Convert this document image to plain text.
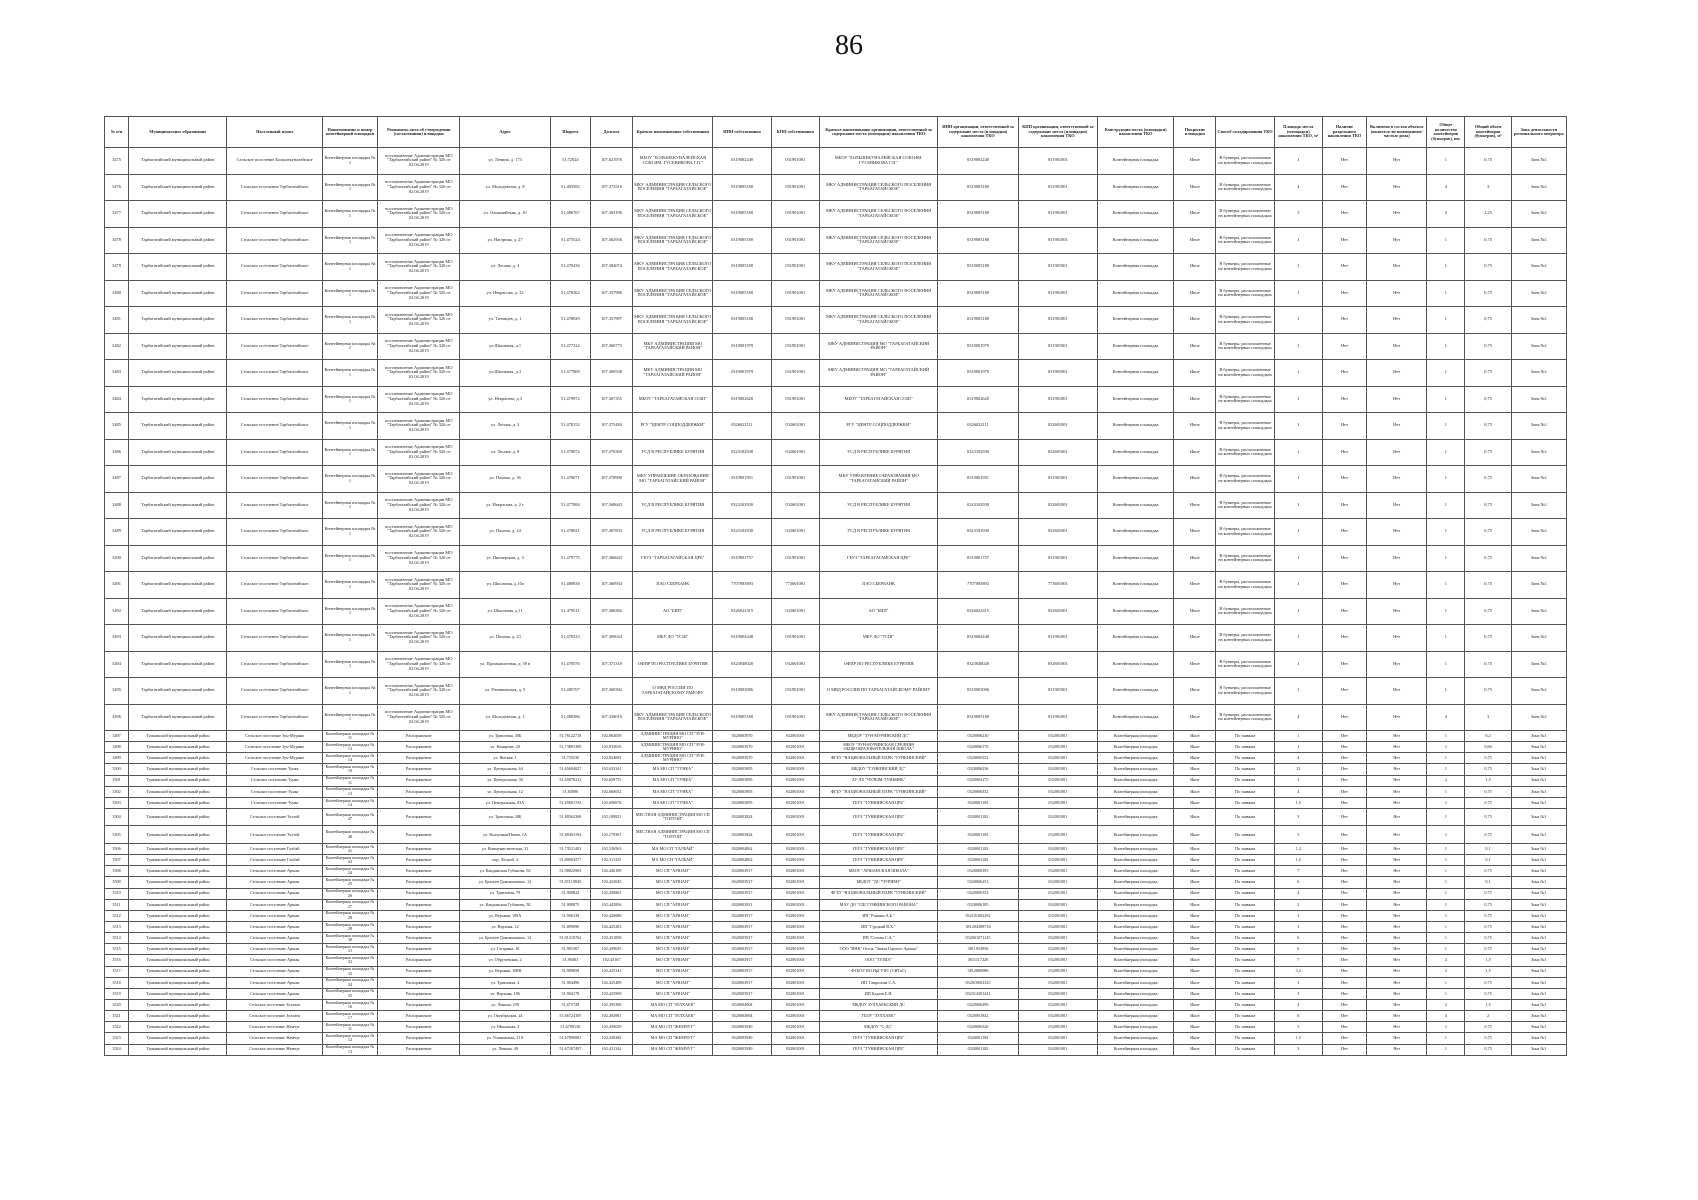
86
№ п/п	Муниципальное образование	Населенный пункт	Наименование и номер контейнерной площадки	Реквизиты акта об утверждении (согласовании) площадки	Адрес	Широта	Долгота	Краткое наименование собственника	ИНН собственника	КПП собственника	Краткое наименование организации, ответственной за содержание места (площадки) накопления ТКО	ИНН организации, ответственной за содержание места (площадки) накопления ТКО	КПП организации, ответственной за содержание места (площадки) накопления ТКО	Конструкция места (площадки) накопления ТКО	Покрытие площадки	Способ складирования ТКО	Площадь места (площадки) накопления ТКО, м²	Наличие раздельного накопления ТКО	Включено в состав объекта (является ли помещением/частью дома)	Общее количество контейнеров (бункеров), шт.	Общий объем контейнеров (бункеров), м³	Зона деятельности регионального оператора
3475	Тарбагатайский муниципальный район	Сельское поселение Большекуналейское	Контейнерная площадка № 1	постановление Администрации МО "Тарбагатайский район" № 326 от 02.04.2019	ул. Ленина, д. 173	51,72024	107,621976	МБОУ "БОЛЬШЕКУНАЛЕЙСКАЯ СОШ ИМ. ГУСЕВИКОВА Г.П."	0319002240	031901001	МБОУ "БОЛЬШЕКУНАЛЕЙСКАЯ СОШ ИМ. ГУСЕВИКОВА Г.П."	0319002240	031901001	Контейнерная площадка	Иное	В бункеры, расположенные на контейнерных площадках	1	Нет	Нет	1	0,75	Зона №1
3476	Тарбагатайский муниципальный район	Сельское поселение Тарбагатайское	Контейнерная площадка № 1	постановление Администрации МО "Тарбагатайский район" № 326 от 02.04.2019	ул. Молодёжная, д. 8	51,483582	107,373516	МКУ АДМИНИСТРАЦИЯ СЕЛЬСКОГО ПОСЕЛЕНИЯ "ТАРБАГАТАЙСКОЕ"	0319005180	031901001	МКУ АДМИНИСТРАЦИЯ СЕЛЬСКОГО ПОСЕЛЕНИЯ "ТАРБАГАТАЙСКОЕ"	0319005180	031901001	Контейнерная площадка	Иное	В бункеры, расположенные на контейнерных площадках	4	Нет	Нет	4	3	Зона №1
3477	Тарбагатайский муниципальный район	Сельское поселение Тарбагатайское	Контейнерная площадка № 1	постановление Администрации МО "Тарбагатайский район" № 326 от 02.04.2019	ул. Олимпийская, д. 10	51,486767	107,363196	МКУ АДМИНИСТРАЦИЯ СЕЛЬСКОГО ПОСЕЛЕНИЯ "ТАРБАГАТАЙСКОЕ"	0319005180	031901001	МКУ АДМИНИСТРАЦИЯ СЕЛЬСКОГО ПОСЕЛЕНИЯ "ТАРБАГАТАЙСКОЕ"	0319005180	031901001	Контейнерная площадка	Иное	В бункеры, расположенные на контейнерных площадках	3	Нет	Нет	3	2,25	Зона №1
3478	Тарбагатайский муниципальный район	Сельское поселение Тарбагатайское	Контейнерная площадка № 1	постановление Администрации МО "Тарбагатайский район" № 326 от 02.04.2019	ул. Нагорная, д. 27	51,475524	107,362936	МКУ АДМИНИСТРАЦИЯ СЕЛЬСКОГО ПОСЕЛЕНИЯ "ТАРБАГАТАЙСКОЕ"	0319005180	031901001	МКУ АДМИНИСТРАЦИЯ СЕЛЬСКОГО ПОСЕЛЕНИЯ "ТАРБАГАТАЙСКОЕ"	0319005180	031901001	Контейнерная площадка	Иное	В бункеры, расположенные на контейнерных площадках	1	Нет	Нет	1	0,75	Зона №1
3479	Тарбагатайский муниципальный район	Сельское поселение Тарбагатайское	Контейнерная площадка № 1	постановление Администрации МО "Тарбагатайский район" № 326 от 02.04.2019	ул. Лесная, д. 4	51,478436	107,384074	МКУ АДМИНИСТРАЦИЯ СЕЛЬСКОГО ПОСЕЛЕНИЯ "ТАРБАГАТАЙСКОЕ"	0319005180	031901001	МКУ АДМИНИСТРАЦИЯ СЕЛЬСКОГО ПОСЕЛЕНИЯ "ТАРБАГАТАЙСКОЕ"	0319005180	031901001	Контейнерная площадка	Иное	В бункеры, расположенные на контейнерных площадках	1	Нет	Нет	1	0,75	Зона №1
3480	Тарбагатайский муниципальный район	Сельское поселение Тарбагатайское	Контейнерная площадка № 1	постановление Администрации МО "Тарбагатайский район" № 326 от 02.04.2019	ул. Некрасова, д. 32	51,478362	107,357986	МКУ АДМИНИСТРАЦИЯ СЕЛЬСКОГО ПОСЕЛЕНИЯ "ТАРБАГАТАЙСКОЕ"	0319005180	031901001	МКУ АДМИНИСТРАЦИЯ СЕЛЬСКОГО ПОСЕЛЕНИЯ "ТАРБАГАТАЙСКОЕ"	0319005180	031901001	Контейнерная площадка	Иное	В бункеры, расположенные на контейнерных площадках	1	Нет	Нет	1	0,75	Зона №1
3481	Тарбагатайский муниципальный район	Сельское поселение Тарбагатайское	Контейнерная площадка № 1	постановление Администрации МО "Тарбагатайский район" № 326 от 02.04.2019	ул. Титовцев, д. 1	51,478029	107,357997	МКУ АДМИНИСТРАЦИЯ СЕЛЬСКОГО ПОСЕЛЕНИЯ "ТАРБАГАТАЙСКОЕ"	0319005180	031901001	МКУ АДМИНИСТРАЦИЯ СЕЛЬСКОГО ПОСЕЛЕНИЯ "ТАРБАГАТАЙСКОЕ"	0319005180	031901001	Контейнерная площадка	Иное	В бункеры, расположенные на контейнерных площадках	1	Нет	Нет	1	0,75	Зона №1
3482	Тарбагатайский муниципальный район	Сельское поселение Тарбагатайское	Контейнерная площадка № 1	постановление Администрации МО "Тарбагатайский район" № 326 от 02.04.2019	ул.Школьная, д.1	51,477324	107,360775	МКУ АДМИНИСТРАЦИЯ МО "ТАРБАГАТАЙСКИЙ РАЙОН"	0319001979	031901001	МКУ АДМИНИСТРАЦИЯ МО "ТАРБАГАТАЙСКИЙ РАЙОН"	0319001979	031901001	Контейнерная площадка	Иное	В бункеры, расположенные на контейнерных площадках	1	Нет	Нет	1	0,75	Зона №1
3483	Тарбагатайский муниципальный район	Сельское поселение Тарбагатайское	Контейнерная площадка № 1	постановление Администрации МО "Тарбагатайский район" № 326 от 02.04.2019	ул.Школьная, д.3	51,477808	107,360538	МКУ АДМИНИСТРАЦИЯ МО "ТАРБАГАТАЙСКИЙ РАЙОН"	0319001979	031901001	МКУ АДМИНИСТРАЦИЯ МО "ТАРБАГАТАЙСКИЙ РАЙОН"	0319001979	031901001	Контейнерная площадка	Иное	В бункеры, расположенные на контейнерных площадках	1	Нет	Нет	1	0,75	Зона №1
3484	Тарбагатайский муниципальный район	Сельское поселение Тарбагатайское	Контейнерная площадка № 1	постановление Администрации МО "Тарбагатайский район" № 326 от 02.04.2019	ул. Некрасова, д.3	51,479972	107,367355	МБОУ "ТАРБАГАТАЙСКАЯ СОШ"	0319002620	031901001	МБОУ "ТАРБАГАТАЙСКАЯ СОШ"	0319002620	031901001	Контейнерная площадка	Иное	В бункеры, расположенные на контейнерных площадках	1	Нет	Нет	1	0,75	Зона №1
3485	Тарбагатайский муниципальный район	Сельское поселение Тарбагатайское	Контейнерная площадка № 1	постановление Администрации МО "Тарбагатайский район" № 326 от 02.04.2019	ул. Лесная, д. 2	51,478152	107,375484	РГУ "ЦЕНТР СОЦПОДДЕРЖКИ"	0326022111	032601001	РГУ "ЦЕНТР СОЦПОДДЕРЖКИ"	0326022111	032601001	Контейнерная площадка	Иное	В бункеры, расположенные на контейнерных площадках	1	Нет	Нет	1	0,75	Зона №1
3486	Тарбагатайский муниципальный район	Сельское поселение Тарбагатайское	Контейнерная площадка № 1	постановление Администрации МО "Тарбагатайский район" № 326 от 02.04.2019	ул. Лесная, д. 8	51,478072	107,376369	УСД В РЕСПУБЛИКЕ БУРЯТИЯ	0323102930	032601001	УСД В РЕСПУБЛИКЕ БУРЯТИЯ	0323102930	032601001	Контейнерная площадка	Иное	В бункеры, расположенные на контейнерных площадках	1	Нет	Нет	1	0,75	Зона №1
3487	Тарбагатайский муниципальный район	Сельское поселение Тарбагатайское	Контейнерная площадка № 1	постановление Администрации МО "Тарбагатайский район" № 326 от 02.04.2019	ул. Пахома, д. 36	51,478071	107,370990	МКУ УПРАВЛЕНИЕ ОБРАЗОВАНИЯ МО "ТАРБАГАТАЙСКИЙ РАЙОН"	0319001951	031901001	МКУ УПРАВЛЕНИЕ ОБРАЗОВАНИЯ МО "ТАРБАГАТАЙСКИЙ РАЙОН"	0319001951	031901001	Контейнерная площадка	Иное	В бункеры, расположенные на контейнерных площадках	1	Нет	Нет	1	0,75	Зона №1
3488	Тарбагатайский муниципальный район	Сельское поселение Тарбагатайское	Контейнерная площадка № 1	постановление Администрации МО "Тарбагатайский район" № 326 от 02.04.2019	ул. Некрасова, д. 2 г	51,477884	107,368643	УСД В РЕСПУБЛИКЕ БУРЯТИЯ	0323102930	032601001	УСД В РЕСПУБЛИКЕ БУРЯТИЯ	0323102930	032601001	Контейнерная площадка	Иное	В бункеры, расположенные на контейнерных площадках	1	Нет	Нет	1	0,75	Зона №1
3489	Тарбагатайский муниципальный район	Сельское поселение Тарбагатайское	Контейнерная площадка № 1	постановление Администрации МО "Тарбагатайский район" № 326 от 02.04.2019	ул. Пахома, д. 44	51,478021	107,367833	УСД В РЕСПУБЛИКЕ БУРЯТИЯ	0323102930	032601001	УСД В РЕСПУБЛИКЕ БУРЯТИЯ	0323102930	032601001	Контейнерная площадка	Иное	В бункеры, расположенные на контейнерных площадках	1	Нет	Нет	1	0,75	Зона №1
3490	Тарбагатайский муниципальный район	Сельское поселение Тарбагатайское	Контейнерная площадка № 1	постановление Администрации МО "Тарбагатайский район" № 326 от 02.04.2019	ул. Пионерская, д. 3	51,479775	107,366643	ГБУЗ "ТАРБАГАТАЙСКАЯ ЦРБ"	0319001757	031901001	ГБУЗ "ТАРБАГАТАЙСКАЯ ЦРБ"	0319001757	031901001	Контейнерная площадка	Иное	В бункеры, расположенные на контейнерных площадках	1	Нет	Нет	1	0,75	Зона №1
3491	Тарбагатайский муниципальный район	Сельское поселение Тарбагатайское	Контейнерная площадка № 1	постановление Администрации МО "Тарбагатайский район" № 326 от 02.04.2019	ул. Школьная, д.10а	51,480838	107,360934	ПАО СБЕРБАНК	7707083893	773601001	ПАО СБЕРБАНК	7707083893	773601001	Контейнерная площадка	Иное	В бункеры, расположенные на контейнерных площадках	1	Нет	Нет	1	0,75	Зона №1
3492	Тарбагатайский муниципальный район	Сельское поселение Тарбагатайское	Контейнерная площадка № 1	постановление Администрации МО "Тарбагатайский район" № 326 от 02.04.2019	ул. Школьная, д.11	51,479511	107,366382	АО "БИП"	0326022315	032601001	АО "БИП"	0326022315	032601001	Контейнерная площадка	Иное	В бункеры, расположенные на контейнерных площадках	1	Нет	Нет	1	0,75	Зона №1
3493	Тарбагатайский муниципальный район	Сельское поселение Тарбагатайское	Контейнерная площадка № 1	постановление Администрации МО "Тарбагатайский район" № 326 от 02.04.2019	ул. Пахома, д. 23	51,478233	107,369024	МБУ ДО "ТСШ"	0319004448	031901001	МБУ ДО "ТСШ"	0319004448	031901001	Контейнерная площадка	Иное	В бункеры, расположенные на контейнерных площадках	1	Нет	Нет	1	0,75	Зона №1
3494	Тарбагатайский муниципальный район	Сельское поселение Тарбагатайское	Контейнерная площадка № 1	постановление Администрации МО "Тарбагатайский район" № 326 от 02.04.2019	ул. Промышленная, д. 39 в	51,478576	107,371310	ОФПР ПО РЕСПУБЛИКЕ БУРЯТИЯ	0323048028	032601001	ОФПР ПО РЕСПУБЛИКЕ БУРЯТИЯ	0323048028	032601001	Контейнерная площадка	Иное	В бункеры, расположенные на контейнерных площадках	1	Нет	Нет	1	0,75	Зона №1
3495	Тарбагатайский муниципальный район	Сельское поселение Тарбагатайское	Контейнерная площадка № 1	постановление Администрации МО "Тарбагатайский район" № 326 от 02.04.2019	ул. Разинковская, д. 5	51,485707	107,360392	О МВД РОССИИ ПО ТАРБАГАТАЙСКОМУ РАЙОНУ	0319003006	031901001	О МВД РОССИИ ПО ТАРБАГАТАЙСКОМУ РАЙОНУ	0319003006	031901001	Контейнерная площадка	Иное	В бункеры, расположенные на контейнерных площадках	1	Нет	Нет	1	0,75	Зона №1
3496	Тарбагатайский муниципальный район	Сельское поселение Тарбагатайское	Контейнерная площадка № 1	постановление Администрации МО "Тарбагатайский район" № 326 от 02.04.2019	ул. Молодёжная, д. 1	51,488386	107,338016	МКУ АДМИНИСТРАЦИЯ СЕЛЬСКОГО ПОСЕЛЕНИЯ "ТАРБАГАТАЙСКОЕ"	0319005180	031901001	МКУ АДМИНИСТРАЦИЯ СЕЛЬСКОГО ПОСЕЛЕНИЯ "ТАРБАГАТАЙСКОЕ"	0319005180	031901001	Контейнерная площадка	Иное	В бункеры, расположенные на контейнерных площадках	4	Нет	Нет	4	3	Зона №1
3497	Тункинский муниципальный район	Сельское поселение Зун-Мурино	Контейнерная площадка № 11	Распоряжение	ул. Трактовая, 30Б	51,76122718	102,864058	АДМИНИСТРАЦИЯ МО СП "ЗУН-МУРИНО"	0320003970	032001001	МБДОУ "ЗУН-МУРИНСКИЙ ДС"	0320006230	032001001	Контейнерная площадка	Иное	По заявкам	1	Нет	Нет	1	0,2	Зона №1
3498	Тункинский муниципальный район	Сельское поселение Зун-Мурино	Контейнерная площадка № 13	Распоряжение	ул. Комарова, 20	51,73881300	102,835016	АДМИНИСТРАЦИЯ МО СП "ЗУН-МУРИНО"	0320003970	032001001	МБОУ "ЗУН-МУРИНСКАЯ СРЕДНЯЯ ОБЩЕОБРАЗОВАТЕЛЬНАЯ ШКОЛА"	0320006170	032001001	Контейнерная площадка	Иное	По заявкам	1	Нет	Нет	1	0,66	Зона №1
3499	Тункинский муниципальный район	Сельское поселение Зун-Мурино	Контейнерная площадка № 14	Распоряжение	ул. Ямская, 1	51,735530	102,834692	АДМИНИСТРАЦИЯ МО СП "ЗУН-МУРИНО"	0320003970	032001001	ФГБУ "НАЦИОНАЛЬНЫЙ ПАРК "ТУНКИНСКИЙ"	0320000352	032001001	Контейнерная площадка	Иное	По заявкам	4	Нет	Нет	1	0,75	Зона №1
3500	Тункинский муниципальный район	Сельское поселение Тунка	Контейнерная площадка № 10	Распоряжение	ул. Центральная, 64	51,65604027	102,635341	МА МО СП "ТУНКА"	0320003895	032001001	МБДОУ "ТУНКИНСКИЙ ДС"	0320006236	032001001	Контейнерная площадка	Иное	По заявкам	12	Нет	Нет	1	0,75	Зона №1
3501	Тункинский муниципальный район	Сельское поселение Тунка	Контейнерная площадка № 11	Распоряжение	ул. Центральная, 30	51,65876212	102,659755	МА МО СП "ТУНКА"	0320003895	032001001	АУ ЛХ "ЧУЛЫМ-ТУНКИНЬ"	0320004175	032001001	Контейнерная площадка	Иное	По заявкам	3	Нет	Нет	2	1,5	Зона №1
3502	Тункинский муниципальный район	Сельское поселение Тунка	Контейнерная площадка № 13	Распоряжение	ул. Центральная, 12	51,65896	102,660052	МА МО СП "ТУНКА"	0320003895	032001001	ФГБУ "НАЦИОНАЛЬНЫЙ ПАРК "ТУНКИНСКИЙ"	0320000352	032001001	Контейнерная площадка	Иное	По заявкам	4	Нет	Нет	1	0,75	Зона №1
3503	Тункинский муниципальный район	Сельское поселение Тунка	Контейнерная площадка № 14	Распоряжение	ул. Центральная, 83А	51,65801743	102,656676	МА МО СП "ТУНКА"	0320003895	032001001	ГБУЗ "ТУНКИНСКАЯ ЦРБ"	0320001182	032001001	Контейнерная площадка	Иное	По заявкам	1,5	Нет	Нет	1	0,75	Зона №1
3504	Тункинский муниципальный район	Сельское поселение Толтой	Контейнерная площадка № 47	Распоряжение	ул. Трактовая, 28Б	51,80562368	102,189821	МЕСТНАЯ АДМИНИСТРАЦИЯ МО СП "ТОЛТОЙ"	0320003824	032001001	ГБУЗ "ТУНКИНСКАЯ ЦРБ"	0320001182	032001001	Контейнерная площадка	Иное	По заявкам	3	Нет	Нет	1	0,75	Зона №1
3505	Тункинский муниципальный район	Сельское поселение Толтой	Контейнерная площадка № 48	Распоряжение	ул. Колхозная/Новая, 1А	51,80401194	102,179301	МЕСТНАЯ АДМИНИСТРАЦИЯ МО СП "ТОЛТОЙ"	0320003824	032001001	ГБУЗ "ТУНКИНСКАЯ ЦРБ"	0320001182	032001001	Контейнерная площадка	Иное	По заявкам	3	Нет	Нет	1	0,75	Зона №1
3506	Тункинский муниципальный район	Сельское поселение Галбай	Контейнерная площадка № 41	Распоряжение	ул. Коммунистическая, 31	51,73521403	102,536563	МА МО СП "ГАЛБАЙ"	0320004862	032001001	ГБУЗ "ТУНКИНСКАЯ ЦРБ"	0320001182	032001001	Контейнерная площадка	Иное	По заявкам	1,2	Нет	Нет	1	0,1	Зона №1
3507	Тункинский муниципальный район	Сельское поселение Галбай	Контейнерная площадка № 42	Распоряжение	пер. Лесной, 4	51,80004577	102,311353	МА МО СП "ГАЛБАЙ"	0320004862	032001001	ГБУЗ "ТУНКИНСКАЯ ЦРБ"	0320001182	032001001	Контейнерная площадка	Иное	По заявкам	1,5	Нет	Нет	1	0,1	Зона №1
3508	Тункинский муниципальный район	Сельское поселение Аршан	Контейнерная площадка № 24	Распоряжение	ул. Кандинская Губанова, 92	51,90822963	102,446189	МО СП "АРШАН"	0320003917	032001001	МБОУ "АРШАНСКАЯ ШКОЛА"	0320006393	032001001	Контейнерная площадка	Иное	По заявкам	7	Нет	Нет	1	0,75	Зона №1
3509	Тункинский муниципальный район	Сельское поселение Аршан	Контейнерная площадка № 25	Распоряжение	ул. Братьев Доможаковых, 14	51,91119845	102,433045	МО СП "АРШАН"	0320003917	032001001	МБДОУ "ДС "ЧУРИЕН"	0320006253	032001001	Контейнерная площадка	Иное	По заявкам	6	Нет	Нет	1	0,1	Зона №1
3510	Тункинский муниципальный район	Сельское поселение Аршан	Контейнерная площадка № 26	Распоряжение	ул. Трактовая, 79	51,900822	102,430861	МО СП "АРШАН"	0320003917	032001001	ФГБУ "НАЦИОНАЛЬНЫЙ ПАРК "ТУНКИНСКИЙ"	0320000352	032001001	Контейнерная площадка	Иное	По заявкам	4	Нет	Нет	1	0,75	Зона №1
3511	Тункинский муниципальный район	Сельское поселение Аршан	Контейнерная площадка № 27	Распоряжение	ул. Кандинская Губанова, 5Б	51,908875	102,443856	МО СП "АРШАН"	0320003811	032001001	МАУ ДО "СШ ТУНКИНСКОГО РАЙОНА"	0320006185	032001001	Контейнерная площадка	Иное	По заявкам	2	Нет	Нет	1	0,75	Зона №1
3512	Тункинский муниципальный район	Сельское поселение Аршан	Контейнерная площадка № 28	Распоряжение	ул. Верхняя, 109А	51,906138	102,426686	МО СП "АРШАН"	0320003917	032001001	ИП "Ринчин А.Б."	032101002292	032001001	Контейнерная площадка	Иное	По заявкам	3	Нет	Нет	1	0,75	Зона №1
3513	Тункинский муниципальный район	Сельское поселение Аршан	Контейнерная площадка № 29	Распоряжение	ул. Верхняя, 12	51,899090	102,425283	МО СП "АРШАН"	0320003917	032001001	ИП "Гурцкий В.Х."	381204308718	032001001	Контейнерная площадка	Иное	По заявкам	3	Нет	Нет	1	0,75	Зона №1
3514	Тункинский муниципальный район	Сельское поселение Аршан	Контейнерная площадка № 30	Распоряжение	ул. Братьев Доможаковых, 14	51,91210762	102,431858	МО СП "АРШАН"	0320003917	032001001	ИП "Сотова С.А."	032001071125	032001001	Контейнерная площадка	Иное	По заявкам	6	Нет	Нет	1	0,75	Зона №1
3515	Тункинский муниципальный район	Сельское поселение Аршан	Контейнерная площадка № 31	Распоряжение	ул. Гагарина, 18	51,901567	102,439635	МО СП "АРШАН"	0320003917	032001001	ООО "ИНК" Отель "Земля Горного Аршан"	3811054956	032001001	Контейнерная площадка	Иное	По заявкам	6	Нет	Нет	1	0,75	Зона №1
3516	Тункинский муниципальный район	Сельское поселение Аршан	Контейнерная площадка № 32	Распоряжение	ул. Обручевская, 2	51,90403	102,43167	МО СП "АРШАН"	0320003917	032001001	ООО "ТУЗИА"	3811117220	032001001	Контейнерная площадка	Иное	По заявкам	7	Нет	Нет	2	1,5	Зона №1
3517	Тункинский муниципальный район	Сельское поселение Аршан	Контейнерная площадка № 33	Распоряжение	ул. Верхняя, 108В	51,906858	102,425341	МО СП "АРШАН"	0320003917	032001001	ФГБОУ ВО ИрГУПС (СИТаС)	3812000086	032001001	Контейнерная площадка	Иное	По заявкам	3,2	Нет	Нет	2	1,5	Зона №1
3518	Тункинский муниципальный район	Сельское поселение Аршан	Контейнерная площадка № 34	Распоряжение	ул. Трактовая, 4	51,904496	102,425489	МО СП "АРШАН"	0320003917	032001001	ИП. Гаврилова С.А.	032810002325	032001001	Контейнерная площадка	Иное	По заявкам	3	Нет	Нет	1	0,75	Зона №1
3519	Тункинский муниципальный район	Сельское поселение Аршан	Контейнерная площадка № 35	Распоряжение	ул. Верхняя, 186	51,904178	102,425969	МО СП "АРШАН"	0320003917	032001001	ИП Бадаев Б.И.	032314301441	032001001	Контейнерная площадка	Иное	По заявкам	3	Нет	Нет	1	0,75	Зона №1
3520	Тункинский муниципальный район	Сельское поселение Зулхаек	Контейнерная площадка № 16	Распоряжение	ул. Ленина, 239	51,675749	102,395396	МА МО СП "ЗУЛХАЕК"	0320004904	032001001	МБДОУ ЗУЛХАЕКСКИЙ ДС	0320006299	032001001	Контейнерная площадка	Иное	По заявкам	4	Нет	Нет	2	1,5	Зона №1
3521	Тункинский муниципальный район	Сельское поселение Зулхаек	Контейнерная площадка № 17	Распоряжение	ул. Октябрьская, 24	51,66724105	102,404981	МА МО СП "ЗУЛХАЕК"	0320004904	032001001	ГБОУ "ЗУЛХАЕК"	0320001842	032001001	Контейнерная площадка	Иное	По заявкам	6	Нет	Нет	4	2	Зона №1
3522	Тункинский муниципальный район	Сельское поселение Жемчуг	Контейнерная площадка № 11	Распоряжение	ул. Школьная, 2	51,6708130	102,430029	МА МО СП "ЖЕМЧУГ"	0320003949	032001001	МБДОУ "С-ДС"	0320006326	032001001	Контейнерная площадка	Иное	По заявкам	3	Нет	Нет	1	0,75	Зона №1
3523	Тункинский муниципальный район	Сельское поселение Жемчуг	Контейнерная площадка № 12	Распоряжение	ул. Ушаковская, 21А	51,67890081	102,430284	МА МО СП "ЖЕМЧУГ"	0320003949	032001001	ГБУЗ "ТУНКИНСКАЯ ЦРБ"	0320001182	032001001	Контейнерная площадка	Иное	По заявкам	1,5	Нет	Нет	1	0,75	Зона №1
3524	Тункинский муниципальный район	Сельское поселение Жемчуг	Контейнерная площадка № 13	Распоряжение	ул. Ленина, 49	51,67287497	102,431342	МА МО СП "ЖЕМЧУГ"	0320003949	032001001	ГБУЗ "ТУНКИНСКАЯ ЦРБ"	0320001182	032001001	Контейнерная площадка	Иное	По заявкам	3	Нет	Нет	1	0,75	Зона №1
